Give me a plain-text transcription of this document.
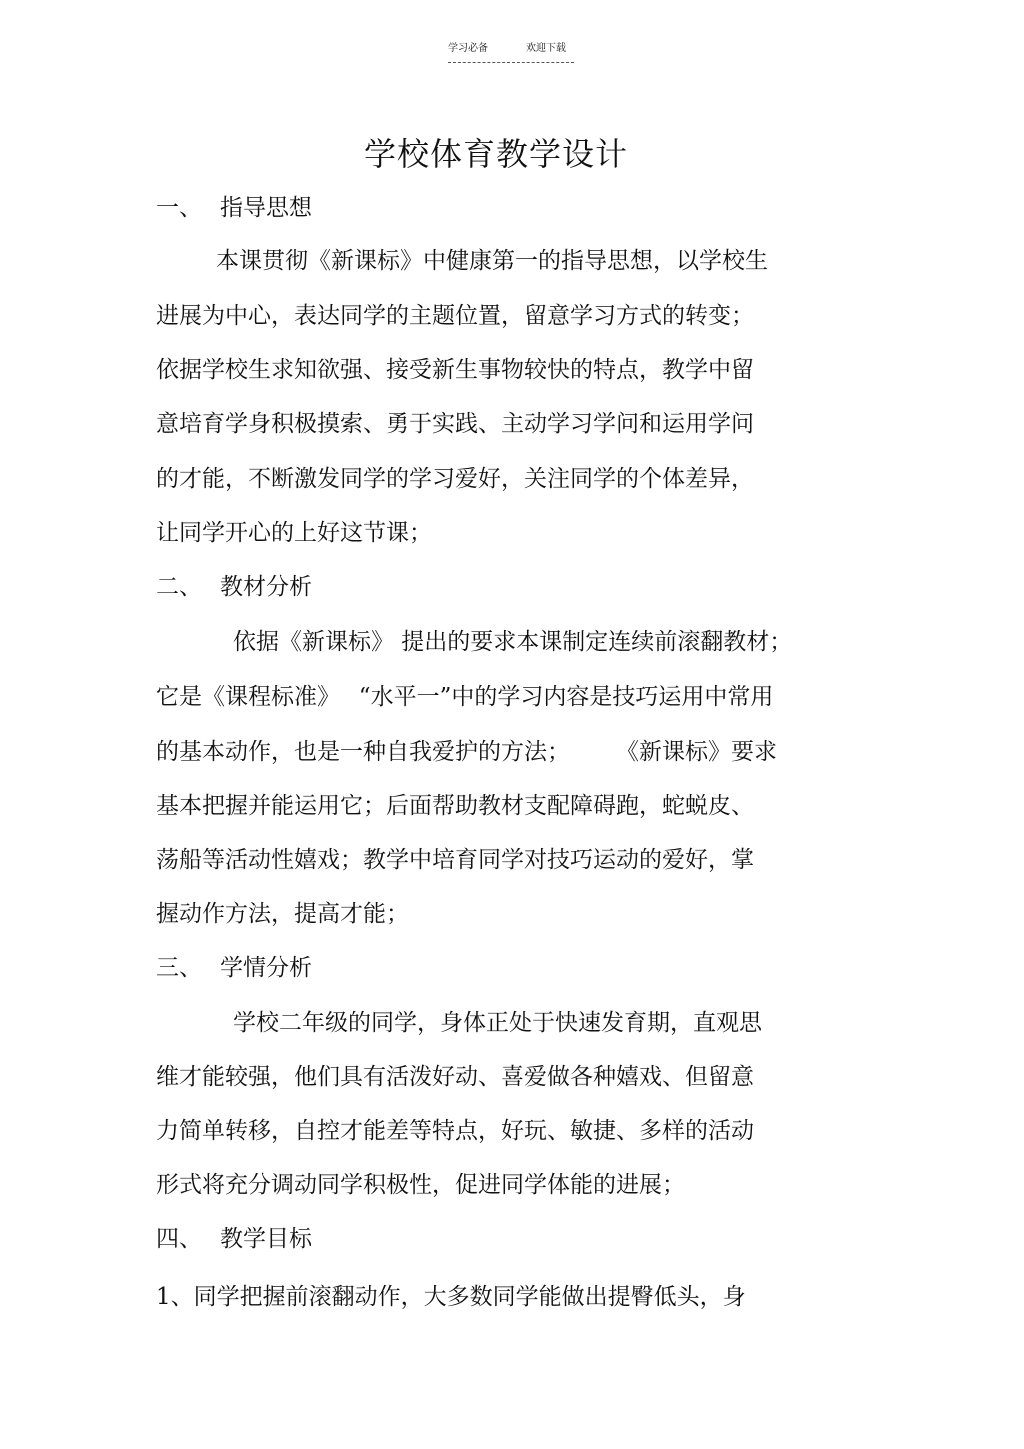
学习必备	欢迎下载
学校体育教学设计
一、 指导思想
本课贯彻《新课标》中健康第一的指导思想，以学校生
进展为中心，表达同学的主题位置，留意学习方式的转变；
依据学校生求知欲强、接受新生事物较快的特点，教学中留
意培育学身积极摸索、勇于实践、主动学习学问和运用学问
的才能，不断激发同学的学习爱好，关注同学的个体差异，
让同学开心的上好这节课；
二、 教材分析
依据《新课标》 提出的要求本课制定连续前滚翻教材；
它是《课程标准》　 “水平一”中的学习内容是技巧运用中常用
的基本动作，也是一种自我爱护的方法；　　　《新课标》要求
基本把握并能运用它；后面帮助教材支配障碍跑，蛇蜕皮、
荡船等活动性嬉戏；教学中培育同学对技巧运动的爱好，掌
握动作方法，提高才能；
三、 学情分析
学校二年级的同学，身体正处于快速发育期，直观思
维才能较强，他们具有活泼好动、喜爱做各种嬉戏、但留意
力简单转移，自控才能差等特点，好玩、敏捷、多样的活动
形式将充分调动同学积极性，促进同学体能的进展；
四、 教学目标
1、同学把握前滚翻动作，大多数同学能做出提臀低头，身
